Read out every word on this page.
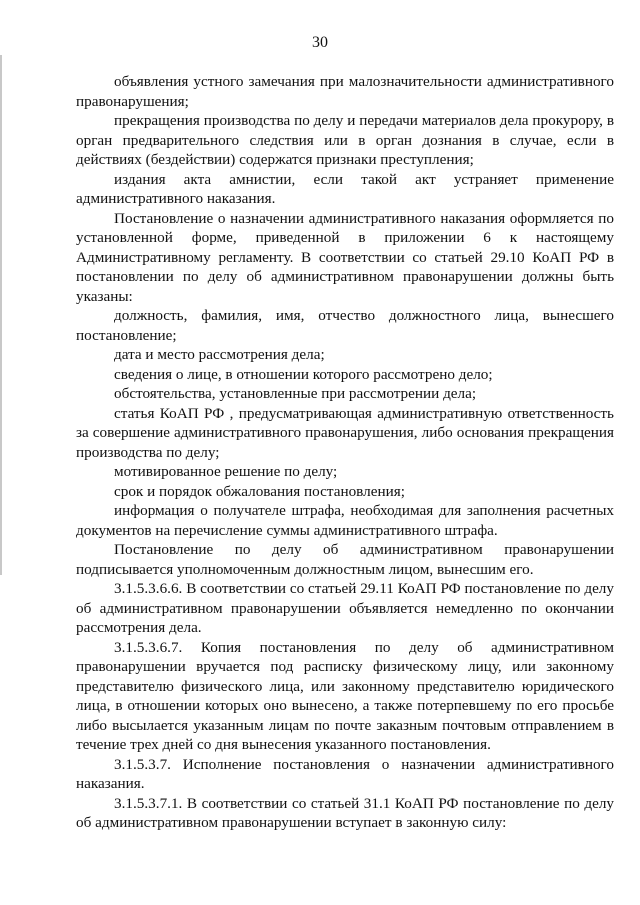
30

объявления устного замечания при малозначительности административного правонарушения;

прекращения производства по делу и передачи материалов дела прокурору, в орган предварительного следствия или в орган дознания в случае, если в действиях (бездействии) содержатся признаки преступления;

издания акта амнистии, если такой акт устраняет применение административного наказания.

Постановление о назначении административного наказания оформляется по установленной форме, приведенной в приложении 6 к настоящему Административному регламенту. В соответствии со статьей 29.10 КоАП РФ в постановлении по делу об административном правонарушении должны быть указаны:

должность, фамилия, имя, отчество должностного лица, вынесшего постановление;

дата и место рассмотрения дела;

сведения о лице, в отношении которого рассмотрено дело;

обстоятельства, установленные при рассмотрении дела;

статья КоАП РФ , предусматривающая административную ответственность за совершение административного правонарушения, либо основания прекращения производства по делу;

мотивированное решение по делу;

срок и порядок обжалования постановления;

информация о получателе штрафа, необходимая для заполнения расчетных документов на перечисление суммы административного штрафа.

Постановление по делу об административном правонарушении подписывается уполномоченным должностным лицом, вынесшим его.

3.1.5.3.6.6. В соответствии со статьей 29.11 КоАП РФ постановление по делу об административном правонарушении объявляется немедленно по окончании рассмотрения дела.

3.1.5.3.6.7. Копия постановления по делу об административном правонарушении вручается под расписку физическому лицу, или законному представителю физического лица, или законному представителю юридического лица, в отношении которых оно вынесено, а также потерпевшему по его просьбе либо высылается указанным лицам по почте заказным почтовым отправлением в течение трех дней со дня вынесения указанного постановления.

3.1.5.3.7. Исполнение постановления о назначении административного наказания.

3.1.5.3.7.1. В соответствии со статьей 31.1 КоАП РФ постановление по делу об административном правонарушении вступает в законную силу:
